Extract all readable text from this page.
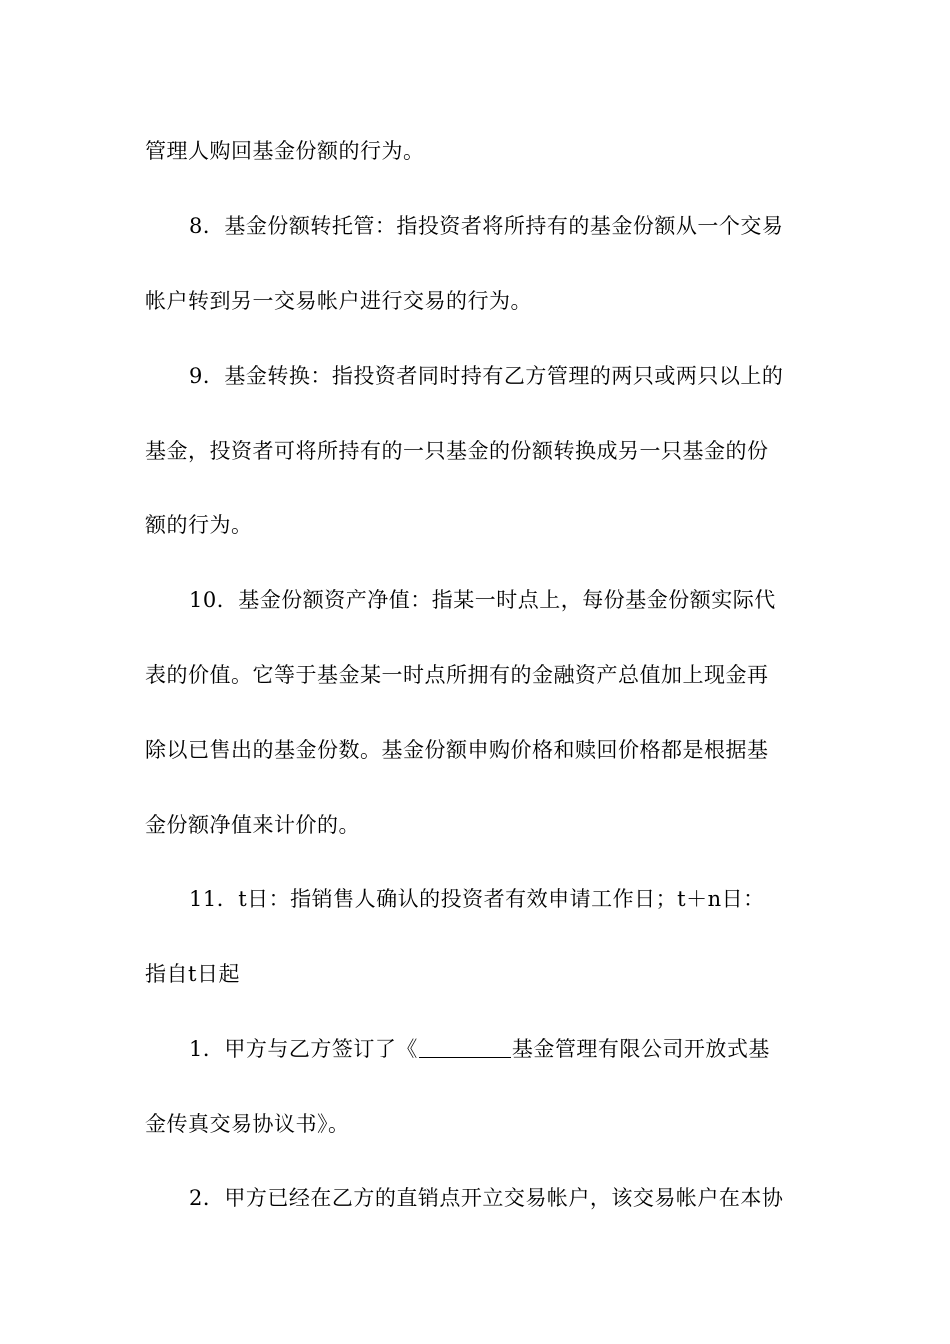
管理人购回基金份额的行为。
8．基金份额转托管：指投资者将所持有的基金份额从一个交易
帐户转到另一交易帐户进行交易的行为。
9．基金转换：指投资者同时持有乙方管理的两只或两只以上的
基金，投资者可将所持有的一只基金的份额转换成另一只基金的份
额的行为。
10．基金份额资产净值：指某一时点上，每份基金份额实际代
表的价值。它等于基金某一时点所拥有的金融资产总值加上现金再
除以已售出的基金份数。基金份额申购价格和赎回价格都是根据基
金份额净值来计价的。
11．t日：指销售人确认的投资者有效申请工作日；t＋n日：
指自t日起
1．甲方与乙方签订了《	基金管理有限公司开放式基
金传真交易协议书》。
2．甲方已经在乙方的直销点开立交易帐户，该交易帐户在本协
